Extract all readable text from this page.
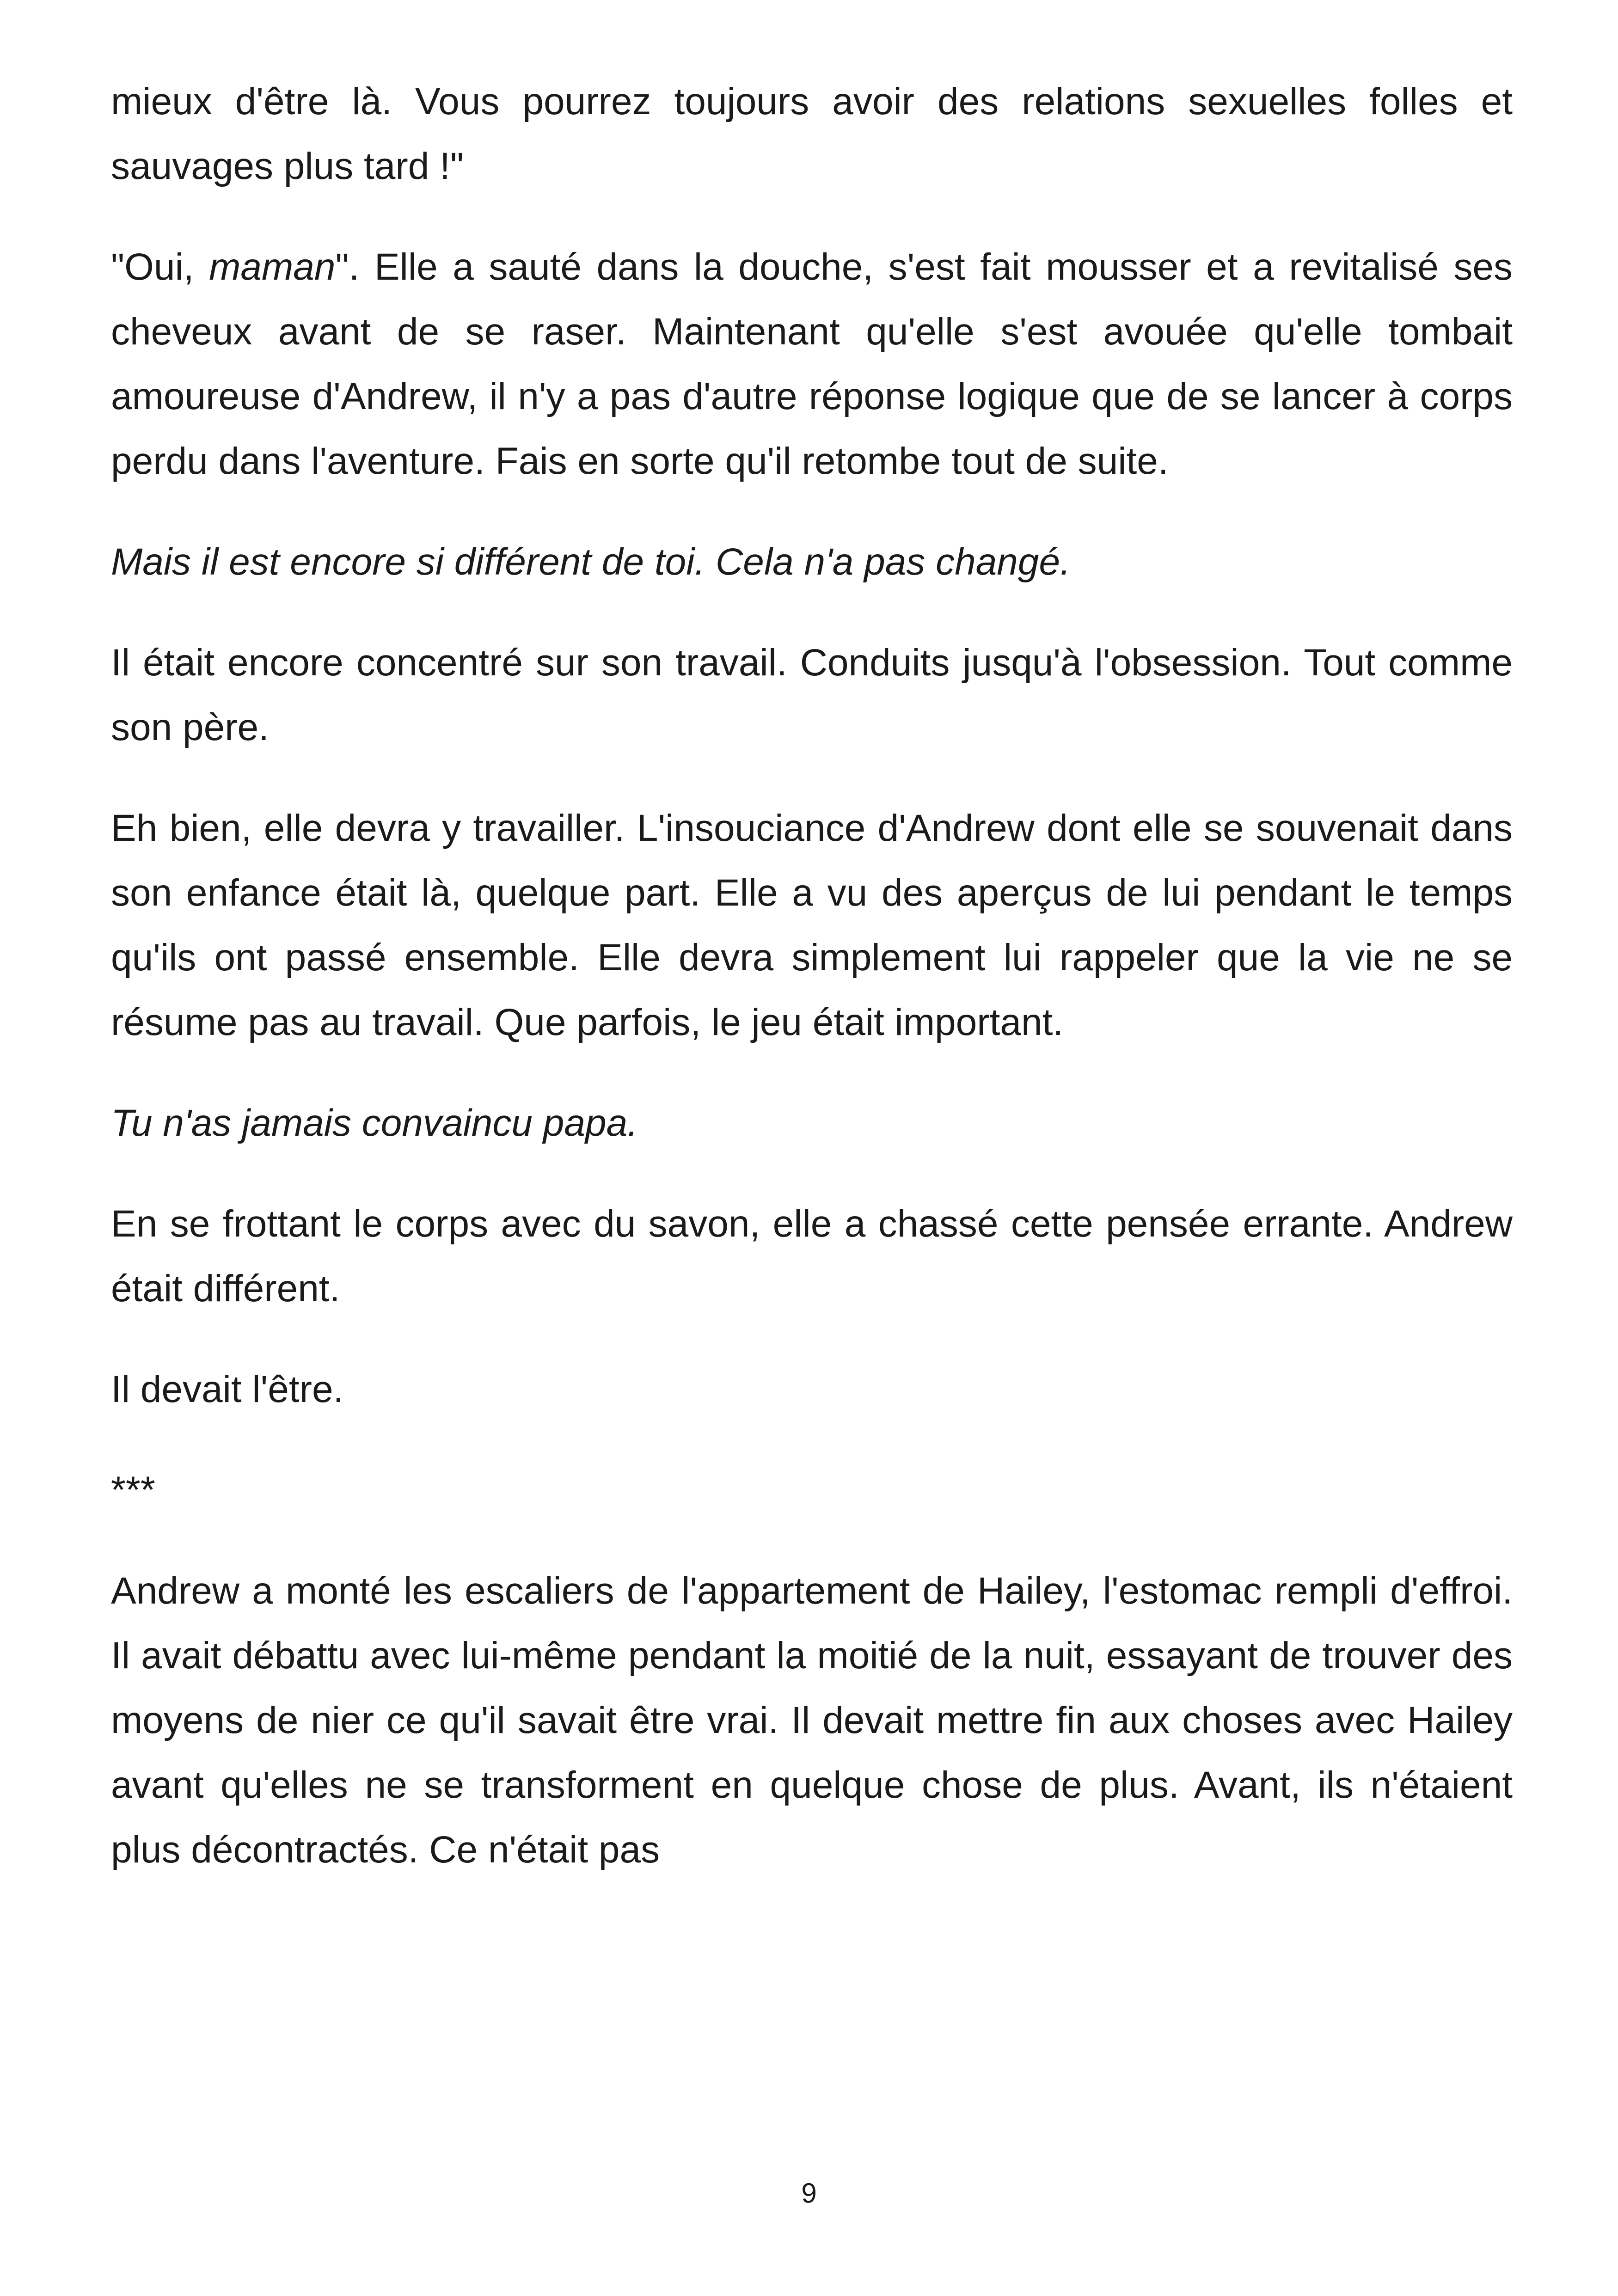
mieux d'être là. Vous pourrez toujours avoir des relations sexuelles folles et sauvages plus tard !"

"Oui, maman". Elle a sauté dans la douche, s'est fait mousser et a revitalisé ses cheveux avant de se raser. Maintenant qu'elle s'est avouée qu'elle tombait amoureuse d'Andrew, il n'y a pas d'autre réponse logique que de se lancer à corps perdu dans l'aventure. Fais en sorte qu'il retombe tout de suite.

Mais il est encore si différent de toi. Cela n'a pas changé.

Il était encore concentré sur son travail. Conduits jusqu'à l'obsession. Tout comme son père.

Eh bien, elle devra y travailler. L'insouciance d'Andrew dont elle se souvenait dans son enfance était là, quelque part. Elle a vu des aperçus de lui pendant le temps qu'ils ont passé ensemble. Elle devra simplement lui rappeler que la vie ne se résume pas au travail. Que parfois, le jeu était important.

Tu n'as jamais convaincu papa.

En se frottant le corps avec du savon, elle a chassé cette pensée errante. Andrew était différent.

Il devait l'être.

***

Andrew a monté les escaliers de l'appartement de Hailey, l'estomac rempli d'effroi. Il avait débattu avec lui-même pendant la moitié de la nuit, essayant de trouver des moyens de nier ce qu'il savait être vrai. Il devait mettre fin aux choses avec Hailey avant qu'elles ne se transforment en quelque chose de plus. Avant, ils n'étaient plus décontractés. Ce n'était pas

9
